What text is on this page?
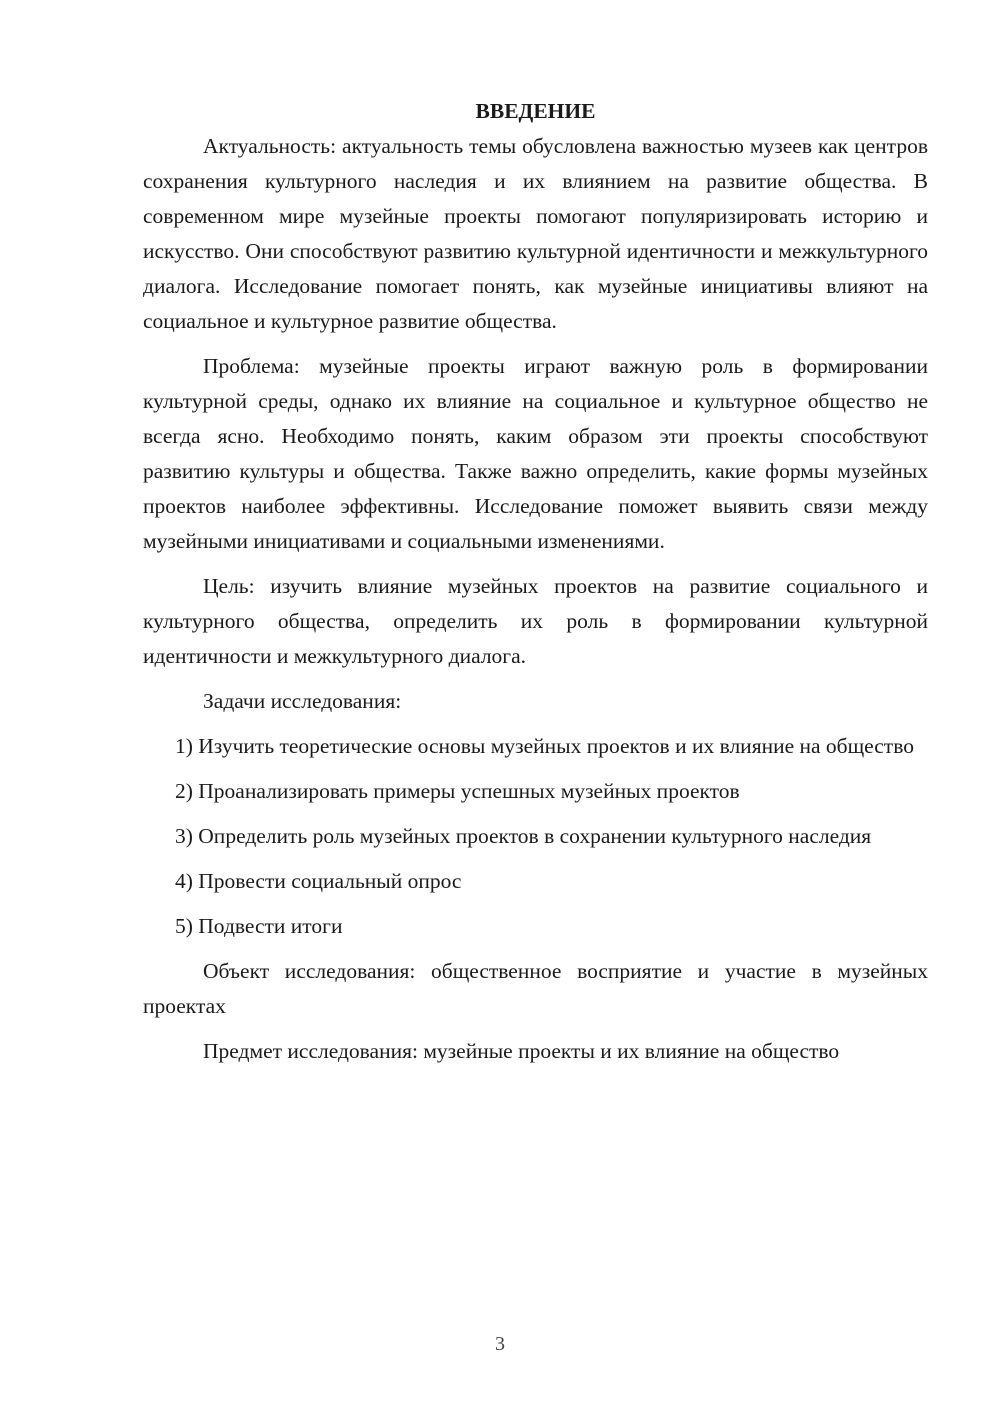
ВВЕДЕНИЕ

Актуальность: актуальность темы обусловлена важностью музеев как центров сохранения культурного наследия и их влиянием на развитие общества. В современном мире музейные проекты помогают популяризировать историю и искусство. Они способствуют развитию культурной идентичности и межкультурного диалога. Исследование помогает понять, как музейные инициативы влияют на социальное и культурное развитие общества.

Проблема: музейные проекты играют важную роль в формировании культурной среды, однако их влияние на социальное и культурное общество не всегда ясно. Необходимо понять, каким образом эти проекты способствуют развитию культуры и общества. Также важно определить, какие формы музейных проектов наиболее эффективны. Исследование поможет выявить связи между музейными инициативами и социальными изменениями.

Цель: изучить влияние музейных проектов на развитие социального и культурного общества, определить их роль в формировании культурной идентичности и межкультурного диалога.

Задачи исследования:

1) Изучить теоретические основы музейных проектов и их влияние на общество

2) Проанализировать примеры успешных музейных проектов

3) Определить роль музейных проектов в сохранении культурного наследия

4) Провести социальный опрос

5) Подвести итоги

Объект исследования: общественное восприятие и участие в музейных проектах

Предмет исследования: музейные проекты и их влияние на общество

3
